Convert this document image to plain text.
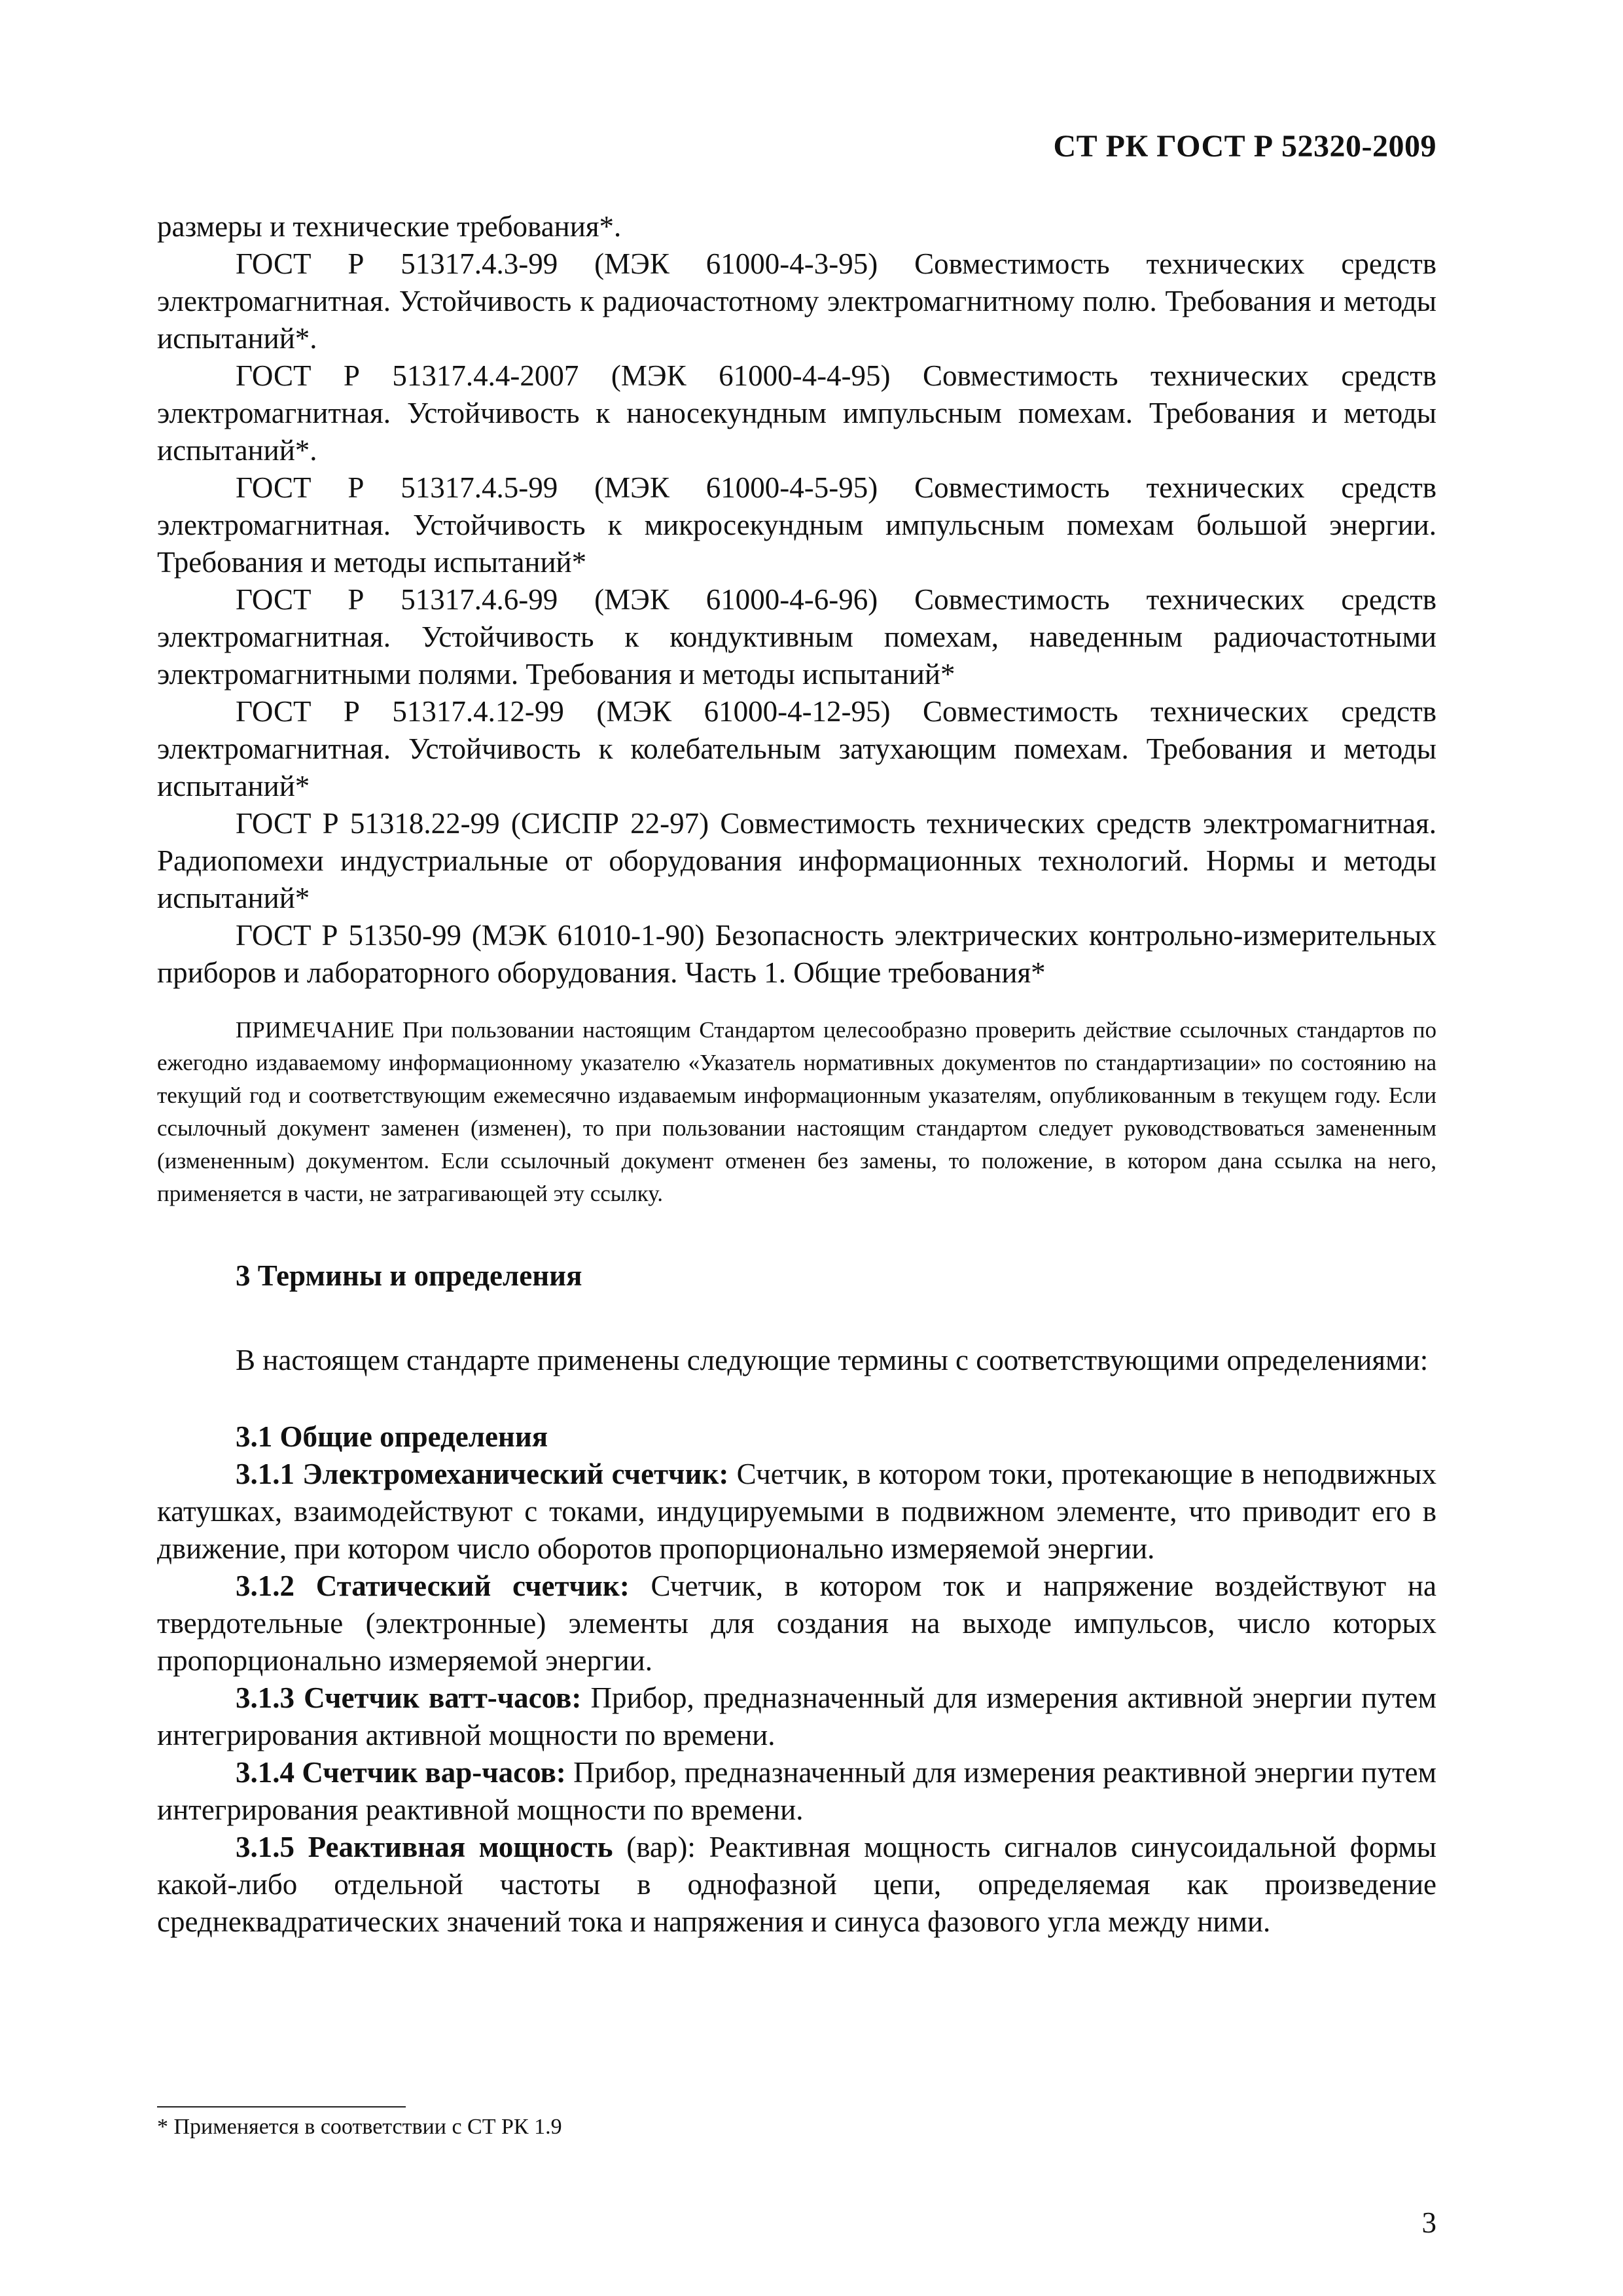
СТ РК ГОСТ Р 52320-2009

размеры и технические требования*.

ГОСТ Р 51317.4.3-99 (МЭК 61000-4-3-95) Совместимость технических средств электромагнитная. Устойчивость к радиочастотному электромагнитному полю. Требования и методы испытаний*.

ГОСТ Р 51317.4.4-2007 (МЭК 61000-4-4-95) Совместимость технических средств электромагнитная. Устойчивость к наносекундным импульсным помехам. Требования и методы испытаний*.

ГОСТ Р 51317.4.5-99 (МЭК 61000-4-5-95) Совместимость технических средств электромагнитная. Устойчивость к микросекундным импульсным помехам большой энергии. Требования и методы испытаний*

ГОСТ Р 51317.4.6-99 (МЭК 61000-4-6-96) Совместимость технических средств электромагнитная. Устойчивость к кондуктивным помехам, наведенным радиочастотными электромагнитными полями. Требования и методы испытаний*

ГОСТ Р 51317.4.12-99 (МЭК 61000-4-12-95) Совместимость технических средств электромагнитная. Устойчивость к колебательным затухающим помехам. Требования и методы испытаний*

ГОСТ Р 51318.22-99 (СИСПР 22-97) Совместимость технических средств электромагнитная. Радиопомехи индустриальные от оборудования информационных технологий. Нормы и методы испытаний*

ГОСТ Р 51350-99 (МЭК 61010-1-90) Безопасность электрических контрольно-измерительных приборов и лабораторного оборудования. Часть 1. Общие требования*

ПРИМЕЧАНИЕ При пользовании настоящим Стандартом целесообразно проверить действие ссылочных стандартов по ежегодно издаваемому информационному указателю «Указатель нормативных документов по стандартизации» по состоянию на текущий год и соответствующим ежемесячно издаваемым информационным указателям, опубликованным в текущем году. Если ссылочный документ заменен (изменен), то при пользовании настоящим стандартом следует руководствоваться замененным (измененным) документом. Если ссылочный документ отменен без замены, то положение, в котором дана ссылка на него, применяется в части, не затрагивающей эту ссылку.

3 Термины и определения

В настоящем стандарте применены следующие термины с соответствующими определениями:

3.1 Общие определения

3.1.1 Электромеханический счетчик: Счетчик, в котором токи, протекающие в неподвижных катушках, взаимодействуют с токами, индуцируемыми в подвижном элементе, что приводит его в движение, при котором число оборотов пропорционально измеряемой энергии.

3.1.2 Статический счетчик: Счетчик, в котором ток и напряжение воздействуют на твердотельные (электронные) элементы для создания на выходе импульсов, число которых пропорционально измеряемой энергии.

3.1.3 Счетчик ватт-часов: Прибор, предназначенный для измерения активной энергии путем интегрирования активной мощности по времени.

3.1.4 Счетчик вар-часов: Прибор, предназначенный для измерения реактивной энергии путем интегрирования реактивной мощности по времени.

3.1.5 Реактивная мощность (вар): Реактивная мощность сигналов синусоидальной формы какой-либо отдельной частоты в однофазной цепи, определяемая как произведение среднеквадратических значений тока и напряжения и синуса фазового угла между ними.

* Применяется в соответствии с СТ РК 1.9
3
